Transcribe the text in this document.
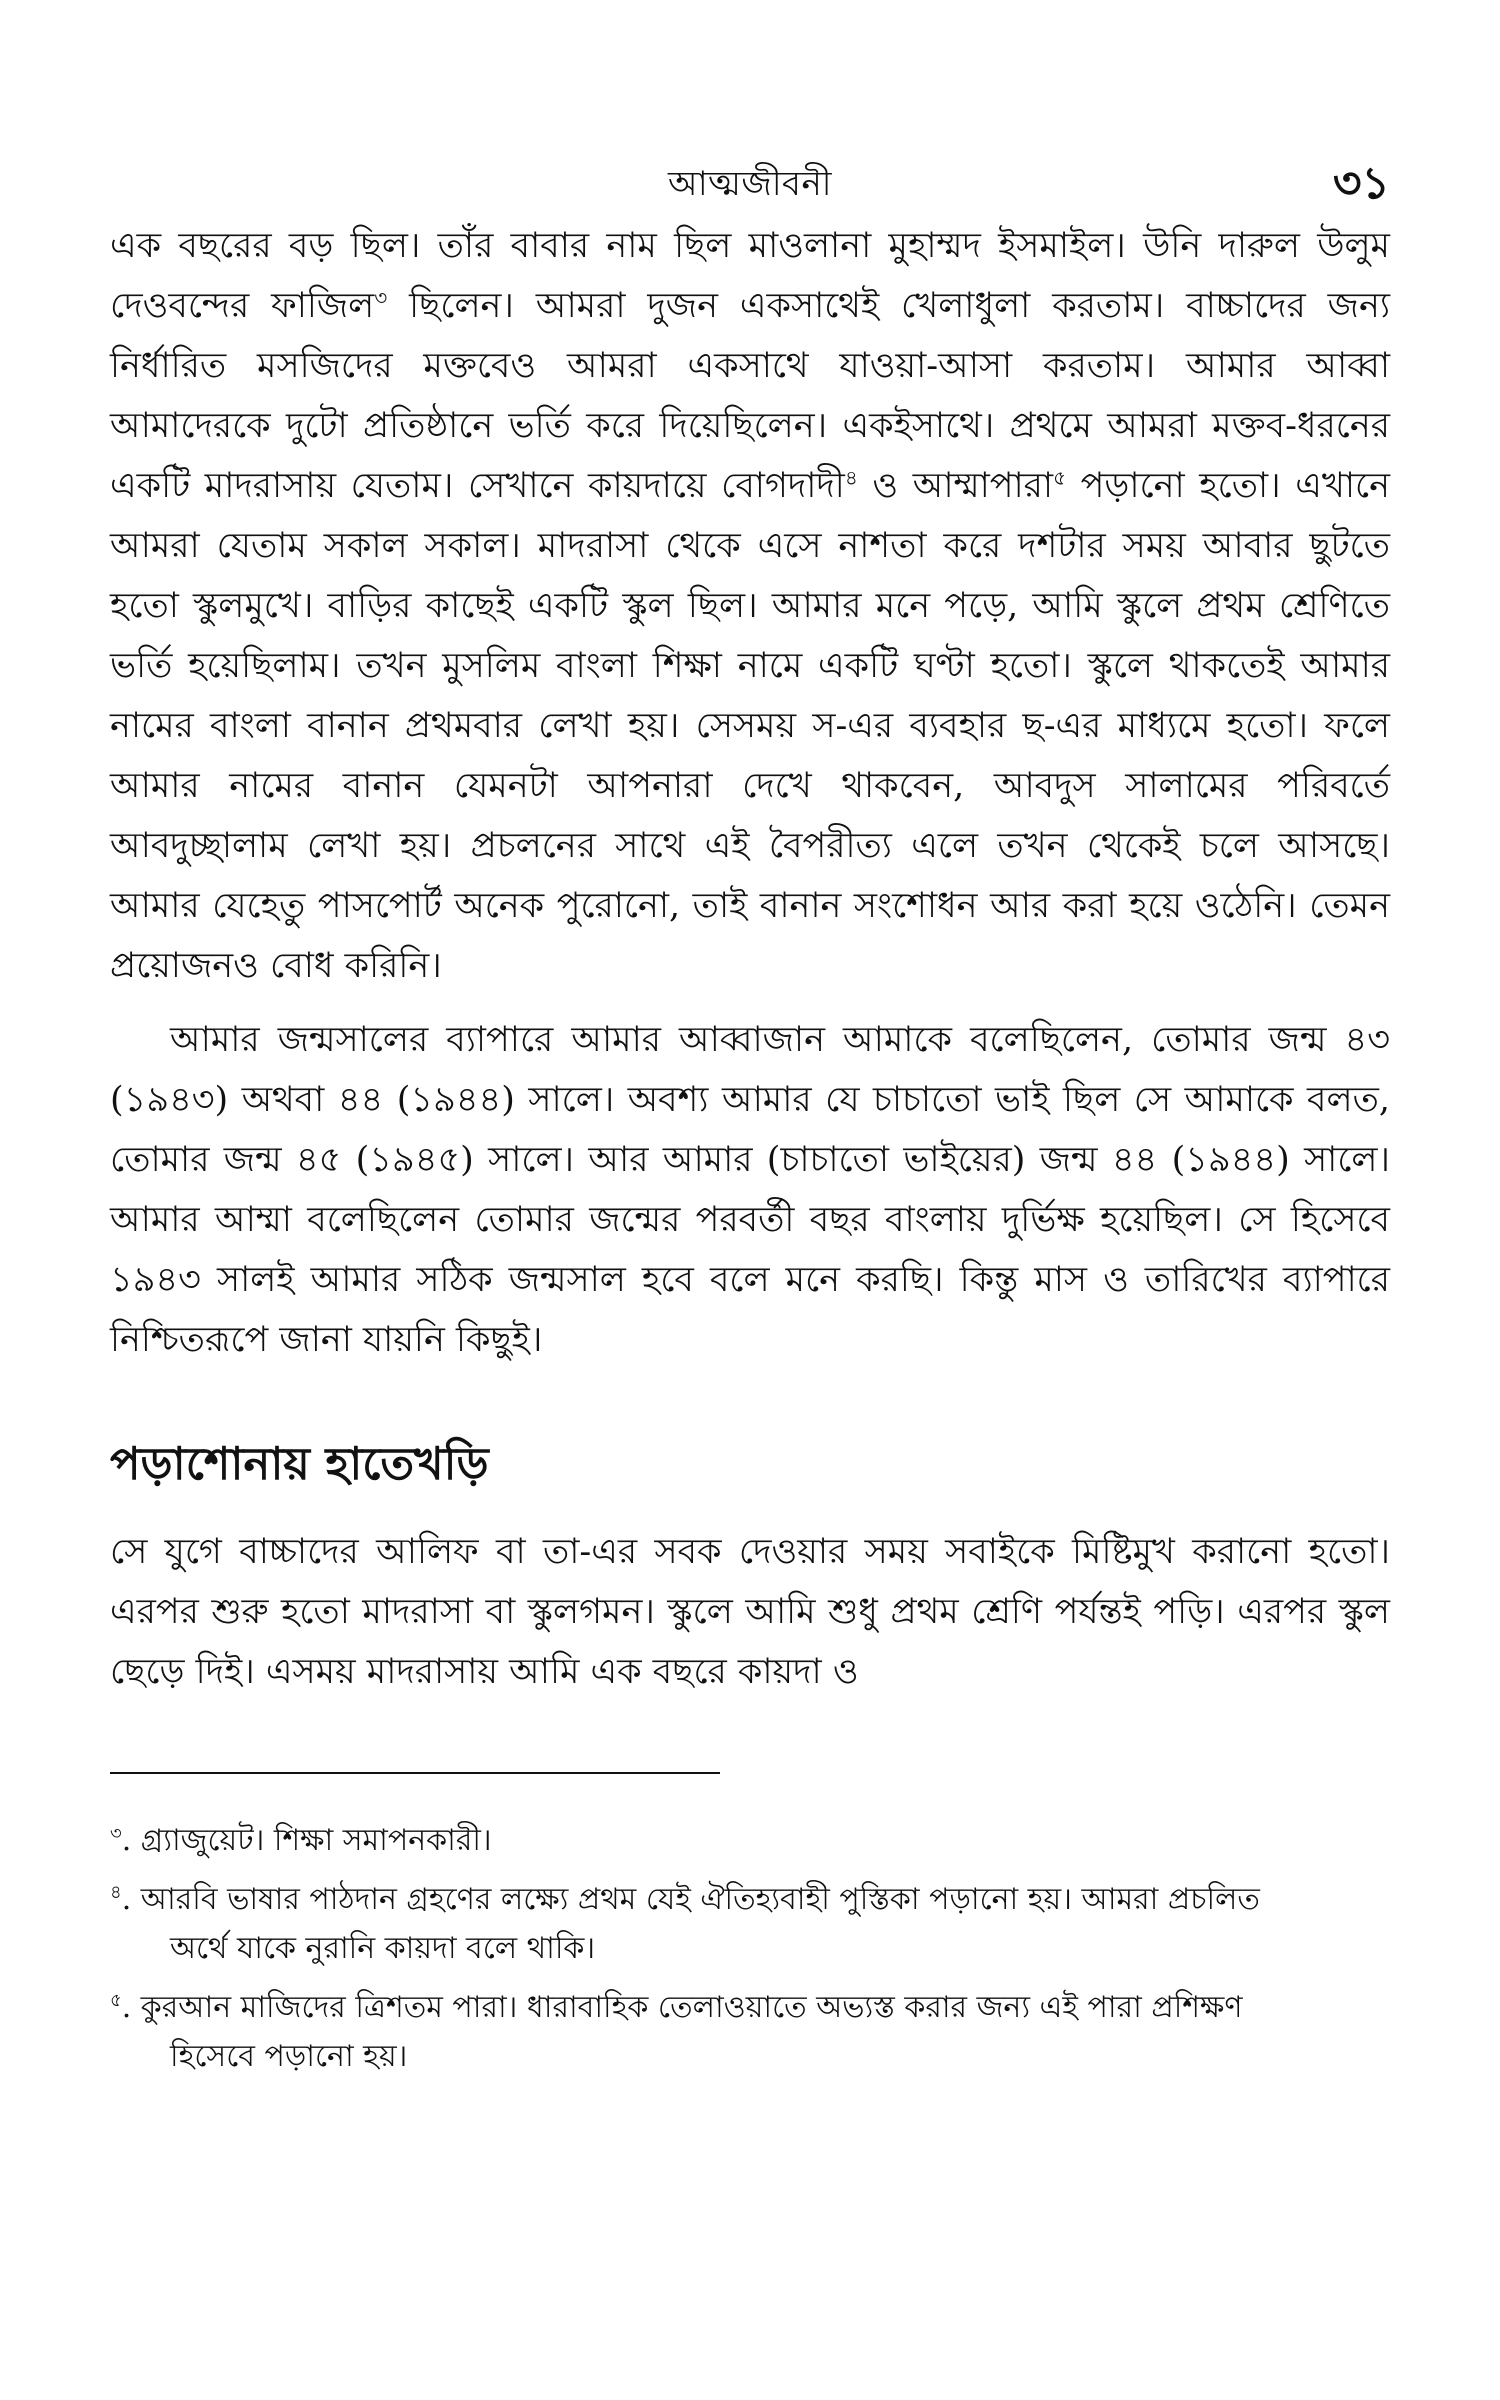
আত্মজীবনী	৩১

এক বছরের বড় ছিল। তাঁর বাবার নাম ছিল মাওলানা মুহাম্মদ ইসমাইল। উনি দারুল উলুম দেওবন্দের ফাজিল$^৩$ ছিলেন। আমরা দুজন একসাথেই খেলাধুলা করতাম। বাচ্চাদের জন্য নির্ধারিত মসজিদের মক্তবেও আমরা একসাথে যাওয়া-আসা করতাম। আমার আব্বা আমাদেরকে দুটো প্রতিষ্ঠানে ভর্তি করে দিয়েছিলেন। একইসাথে। প্রথমে আমরা মক্তব-ধরনের একটি মাদরাসায় যেতাম। সেখানে কায়দায়ে বোগদাদী$^৪$ ও আম্মাপারা$^৫$ পড়ানো হতো। এখানে আমরা যেতাম সকাল সকাল। মাদরাসা থেকে এসে নাশতা করে দশটার সময় আবার ছুটতে হতো স্কুলমুখে। বাড়ির কাছেই একটি স্কুল ছিল। আমার মনে পড়ে, আমি স্কুলে প্রথম শ্রেণিতে ভর্তি হয়েছিলাম। তখন মুসলিম বাংলা শিক্ষা নামে একটি ঘণ্টা হতো। স্কুলে থাকতেই আমার নামের বাংলা বানান প্রথমবার লেখা হয়। সেসময় স-এর ব্যবহার ছ-এর মাধ্যমে হতো। ফলে আমার নামের বানান যেমনটা আপনারা দেখে থাকবেন, আবদুস সালামের পরিবর্তে আবদুচ্ছালাম লেখা হয়। প্রচলনের সাথে এই বৈপরীত্য এলে তখন থেকেই চলে আসছে। আমার যেহেতু পাসপোর্ট অনেক পুরোনো, তাই বানান সংশোধন আর করা হয়ে ওঠেনি। তেমন প্রয়োজনও বোধ করিনি।

আমার জন্মসালের ব্যাপারে আমার আব্বাজান আমাকে বলেছিলেন, তোমার জন্ম ৪৩ (১৯৪৩) অথবা ৪৪ (১৯৪৪) সালে। অবশ্য আমার যে চাচাতো ভাই ছিল সে আমাকে বলত, তোমার জন্ম ৪৫ (১৯৪৫) সালে। আর আমার (চাচাতো ভাইয়ের) জন্ম ৪৪ (১৯৪৪) সালে। আমার আম্মা বলেছিলেন তোমার জন্মের পরবর্তী বছর বাংলায় দুর্ভিক্ষ হয়েছিল। সে হিসেবে ১৯৪৩ সালই আমার সঠিক জন্মসাল হবে বলে মনে করছি। কিন্তু মাস ও তারিখের ব্যাপারে নিশ্চিতরূপে জানা যায়নি কিছুই।

পড়াশোনায় হাতেখড়ি

সে যুগে বাচ্চাদের আলিফ বা তা-এর সবক দেওয়ার সময় সবাইকে মিষ্টিমুখ করানো হতো। এরপর শুরু হতো মাদরাসা বা স্কুলগমন। স্কুলে আমি শুধু প্রথম শ্রেণি পর্যন্তই পড়ি। এরপর স্কুল ছেড়ে দিই। এসময় মাদরাসায় আমি এক বছরে কায়দা ও

$^৩$. গ্র্যাজুয়েট। শিক্ষা সমাপনকারী।

$^৪$. আরবি ভাষার পাঠদান গ্রহণের লক্ষ্যে প্রথম যেই ঐতিহ্যবাহী পুস্তিকা পড়ানো হয়। আমরা প্রচলিত
অর্থে যাকে নুরানি কায়দা বলে থাকি।

$^৫$. কুরআন মাজিদের ত্রিশতম পারা। ধারাবাহিক তেলাওয়াতে অভ্যস্ত করার জন্য এই পারা প্রশিক্ষণ
হিসেবে পড়ানো হয়।
